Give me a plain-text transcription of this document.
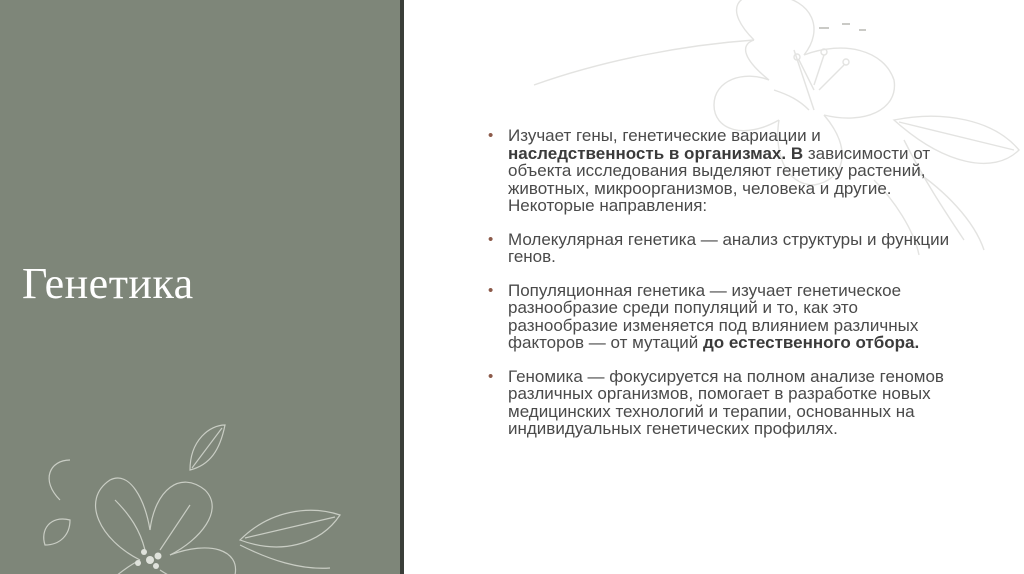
Генетика
• Изучает гены, генетические вариации и наследственность в организмах. В зависимости от объекта исследования выделяют генетику растений, животных, микроорганизмов, человека и другие. Некоторые направления:
• Молекулярная генетика — анализ структуры и функции генов.
• Популяционная генетика — изучает генетическое разнообразие среди популяций и то, как это разнообразие изменяется под влиянием различных факторов — от мутаций до естественного отбора.
• Геномика — фокусируется на полном анализе геномов различных организмов, помогает в разработке новых медицинских технологий и терапии, основанных на индивидуальных генетических профилях.
